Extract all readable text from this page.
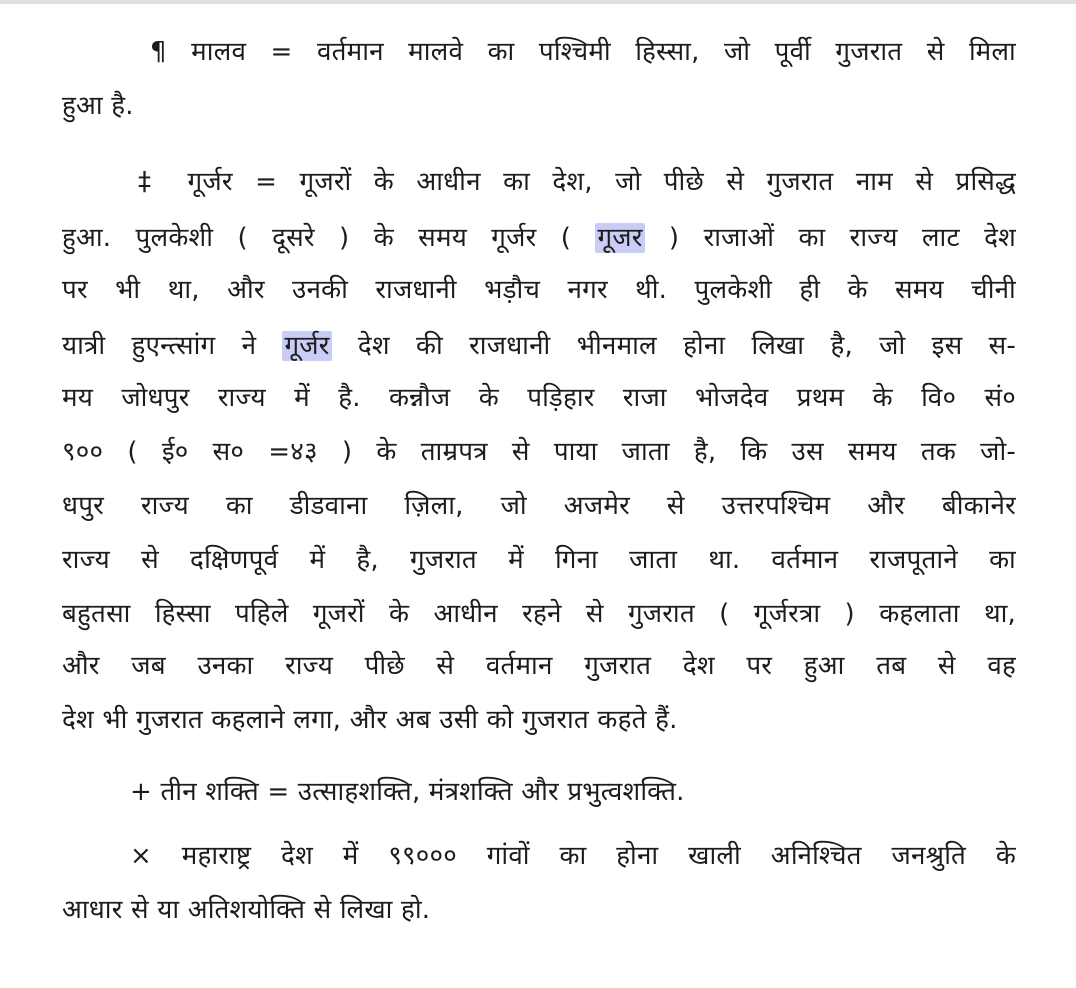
¶ मालव = वर्तमान मालवे का पश्चिमी हिस्सा, जो पूर्वी गुजरात से मिला
हुआ है.
‡ गूर्जर = गूजरों के आधीन का देश, जो पीछे से गुजरात नाम से प्रसिद्ध
हुआ. पुलकेशी ( दूसरे ) के समय गूर्जर ( गूजर ) राजाओं का राज्य लाट देश
पर भी था, और उनकी राजधानी भड़ौच नगर थी. पुलकेशी ही के समय चीनी
यात्री हुएन्त्सांग ने गूर्जर देश की राजधानी भीनमाल होना लिखा है, जो इस स-
मय जोधपुर राज्य में है. कन्नौज के पड़िहार राजा भोजदेव प्रथम के वि० सं०
९०० ( ई० स० =४३ ) के ताम्रपत्र से पाया जाता है, कि उस समय तक जो-
धपुर राज्य का डीडवाना ज़िला, जो अजमेर से उत्तरपश्चिम और बीकानेर
राज्य से दक्षिणपूर्व में है, गुजरात में गिना जाता था. वर्तमान राजपूताने का
बहुतसा हिस्सा पहिले गूजरों के आधीन रहने से गुजरात ( गूर्जरत्रा ) कहलाता था,
और जब उनका राज्य पीछे से वर्तमान गुजरात देश पर हुआ तब से वह
देश भी गुजरात कहलाने लगा, और अब उसी को गुजरात कहते हैं.
+ तीन शक्ति = उत्साहशक्ति, मंत्रशक्ति और प्रभुत्वशक्ति.
× महाराष्ट्र देश में ९९००० गांवों का होना खाली अनिश्चित जनश्रुति के
आधार से या अतिशयोक्ति से लिखा हो.
